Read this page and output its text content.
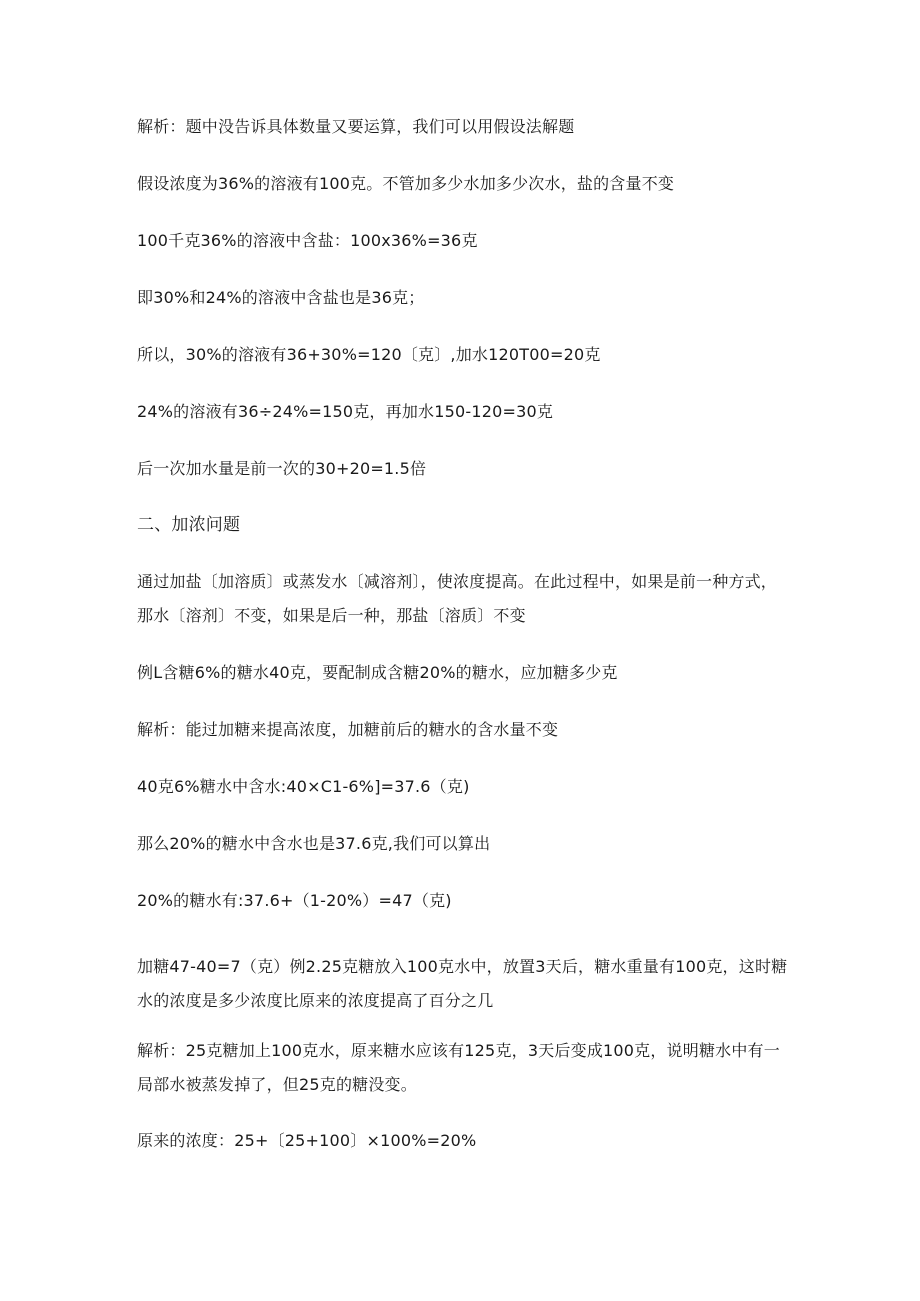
解析：题中没告诉具体数量又要运算，我们可以用假设法解题
假设浓度为36%的溶液有100克。不管加多少水加多少次水，盐的含量不变
100千克36%的溶液中含盐：100x36%=36克
即30%和24%的溶液中含盐也是36克；
所以，30%的溶液有36+30%=120〔克〕,加水120T00=20克
24%的溶液有36÷24%=150克，再加水150-120=30克
后一次加水量是前一次的30+20=1.5倍
二、加浓问题
通过加盐〔加溶质〕或蒸发水〔减溶剂〕，使浓度提高。在此过程中，如果是前一种方式，那水〔溶剂〕不变，如果是后一种，那盐〔溶质〕不变
例L含糖6%的糖水40克，要配制成含糖20%的糖水，应加糖多少克
解析：能过加糖来提高浓度，加糖前后的糖水的含水量不变
40克6%糖水中含水:40×C1-6%]=37.6（克)
那么20%的糖水中含水也是37.6克,我们可以算出
20%的糖水有:37.6+（1-20%）=47（克)
加糖47-40=7（克）例2.25克糖放入100克水中，放置3天后，糖水重量有100克，这时糖水的浓度是多少浓度比原来的浓度提高了百分之几
解析：25克糖加上100克水，原来糖水应该有125克，3天后变成100克，说明糖水中有一局部水被蒸发掉了，但25克的糖没变。
原来的浓度：25+〔25+100〕×100%=20%
